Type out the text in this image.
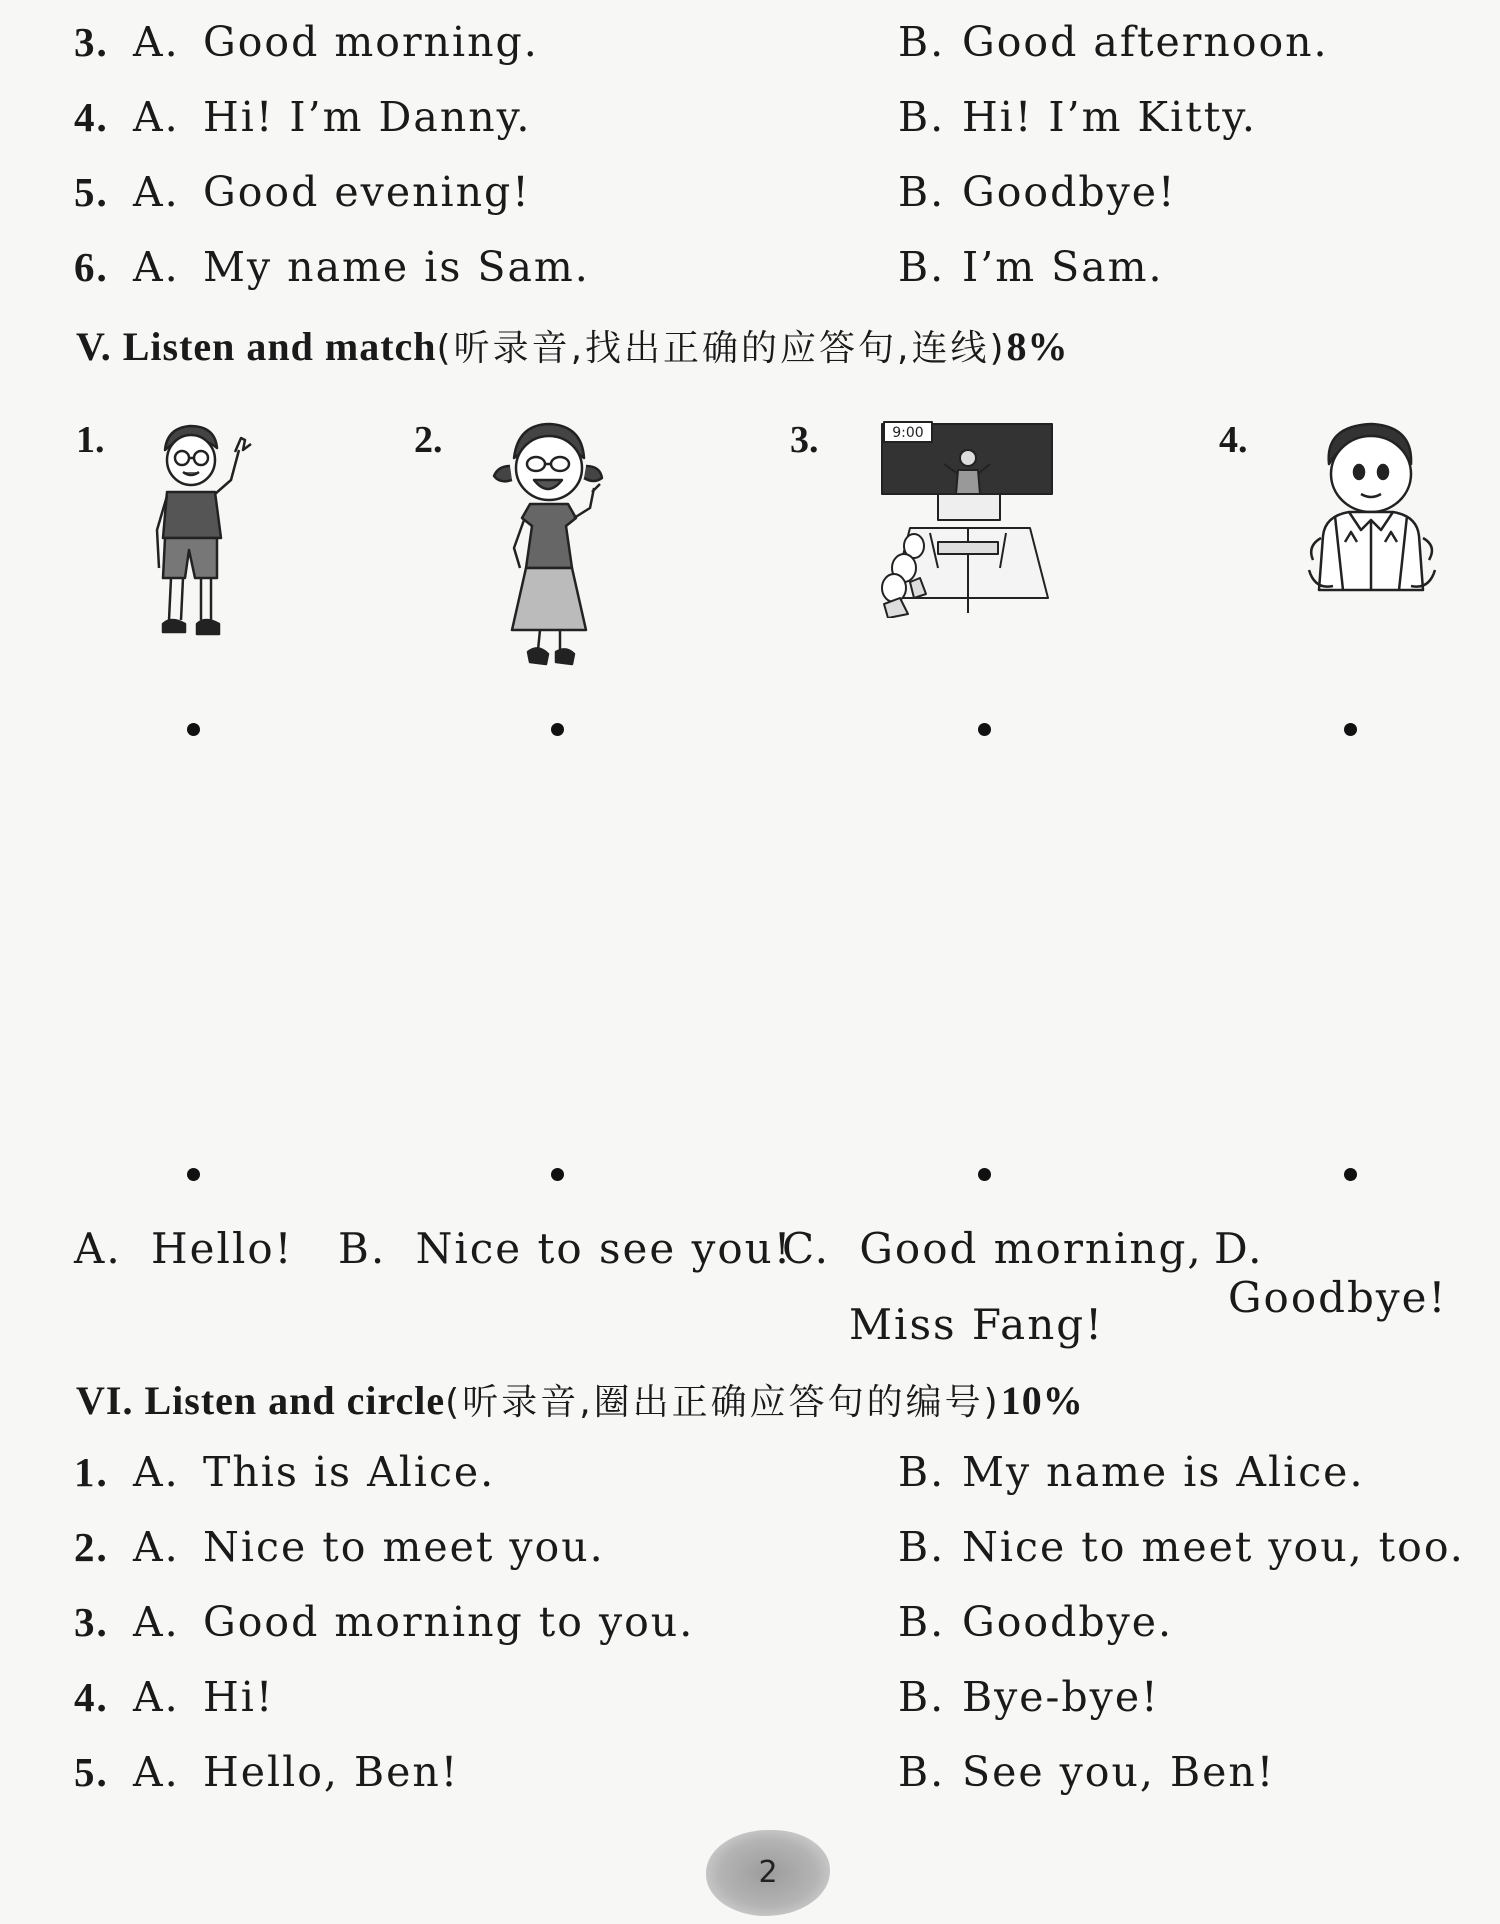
3. A. Good morning.	B. Good afternoon.
4. A. Hi! I’m Danny.	B. Hi! I’m Kitty.
5. A. Good evening!	B. Goodbye!
6. A. My name is Sam.	B. I’m Sam.
V. Listen and match(听录音,找出正确的应答句,连线)8%
1.	2.	3.	4.
9:00
A. Hello! B. Nice to see you!
C. Good morning,
Miss Fang!
D. Goodbye!
VI. Listen and circle(听录音,圈出正确应答句的编号)10%
1. A. This is Alice.	B. My name is Alice.
2. A. Nice to meet you.	B. Nice to meet you, too.
3. A. Good morning to you.	B. Goodbye.
4. A. Hi!	B. Bye-bye!
5. A. Hello, Ben!	B. See you, Ben!
2
